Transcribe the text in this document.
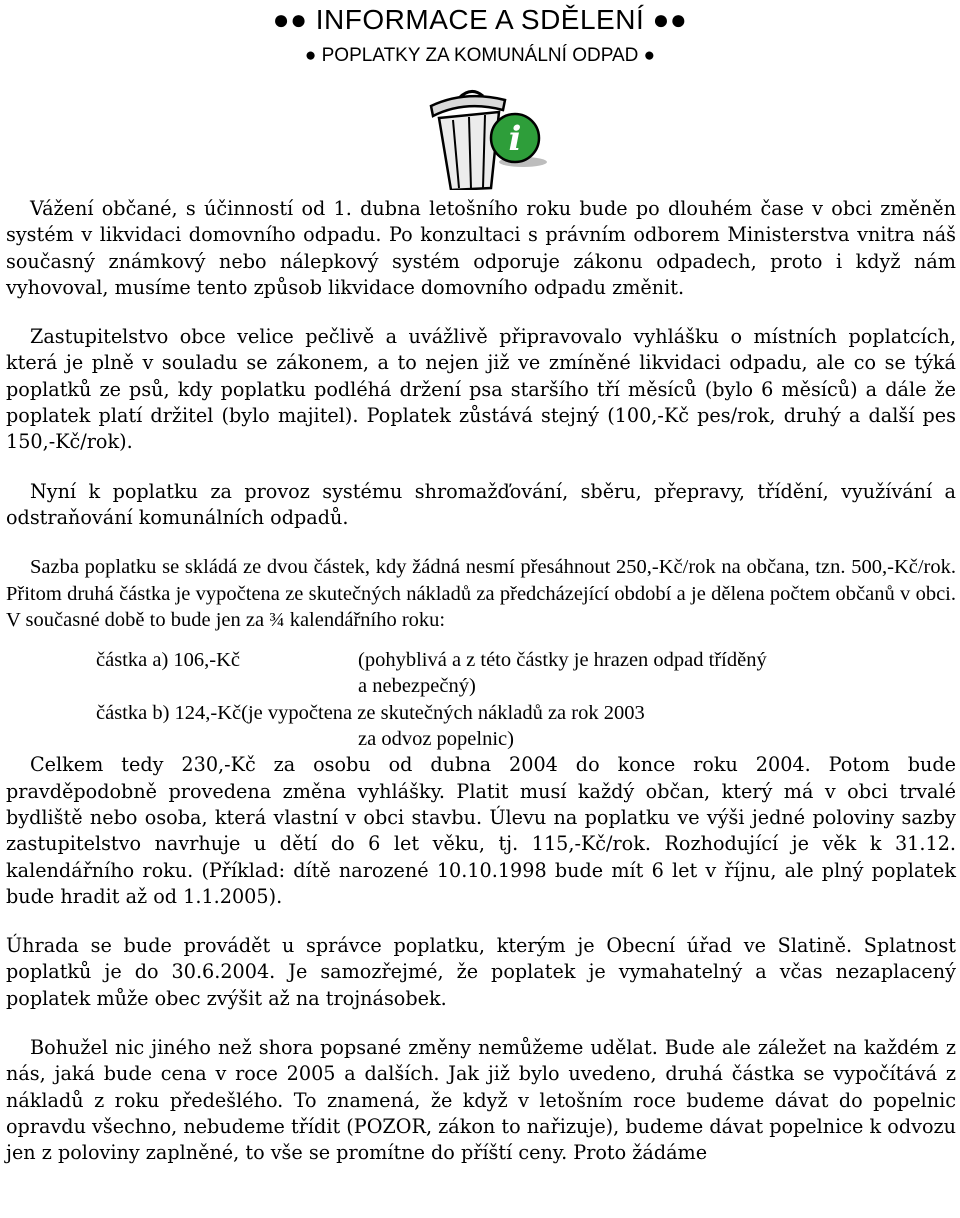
●● INFORMACE A SDĚLENÍ ●●
● POPLATKY ZA KOMUNÁLNÍ ODPAD ●
i

Vážení občané, s účinností od 1. dubna letošního roku bude po dlouhém čase v obci změněn systém v likvidaci domovního odpadu. Po konzultaci s právním odborem Ministerstva vnitra náš současný známkový nebo nálepkový systém odporuje zákonu odpadech, proto i když nám vyhovoval, musíme tento způsob likvidace domovního odpadu změnit.

Zastupitelstvo obce velice pečlivě a uvážlivě připravovalo vyhlášku o místních poplatcích, která je plně v souladu se zákonem, a to nejen již ve zmíněné likvidaci odpadu, ale co se týká poplatků ze psů, kdy poplatku podléhá držení psa staršího tří měsíců (bylo 6 měsíců) a dále že poplatek platí držitel (bylo majitel). Poplatek zůstává stejný (100,-Kč pes/rok, druhý a další pes 150,-Kč/rok).

Nyní k poplatku za provoz systému shromažďování, sběru, přepravy, třídění, využívání a odstraňování komunálních odpadů.

Sazba poplatku se skládá ze dvou částek, kdy žádná nesmí přesáhnout 250,-Kč/rok na občana, tzn. 500,-Kč/rok. Přitom druhá částka je vypočtena ze skutečných nákladů za předcházející období a je dělena počtem občanů v obci. V současné době to bude jen za ¾ kalendářního roku:

částka a) 106,-Kč	(pohyblivá a z této částky je hrazen odpad tříděný
a nebezpečný)
částka b) 124,-Kč (je vypočtena ze skutečných nákladů za rok 2003
za odvoz popelnic)

Celkem tedy 230,-Kč za osobu od dubna 2004 do konce roku 2004. Potom bude pravděpodobně provedena změna vyhlášky. Platit musí každý občan, který má v obci trvalé bydliště nebo osoba, která vlastní v obci stavbu. Úlevu na poplatku ve výši jedné poloviny sazby zastupitelstvo navrhuje u dětí do 6 let věku, tj. 115,-Kč/rok. Rozhodující je věk k 31.12. kalendářního roku. (Příklad: dítě narozené 10.10.1998 bude mít 6 let v říjnu, ale plný poplatek bude hradit až od 1.1.2005).

Úhrada se bude provádět u správce poplatku, kterým je Obecní úřad ve Slatině. Splatnost poplatků je do 30.6.2004. Je samozřejmé, že poplatek je vymahatelný a včas nezaplacený poplatek může obec zvýšit až na trojnásobek.

Bohužel nic jiného než shora popsané změny nemůžeme udělat. Bude ale záležet na každém z nás, jaká bude cena v roce 2005 a dalších. Jak již bylo uvedeno, druhá částka se vypočítává z nákladů z roku předešlého. To znamená, že když v letošním roce budeme dávat do popelnic opravdu všechno, nebudeme třídit (POZOR, zákon to nařizuje), budeme dávat popelnice k odvozu jen z poloviny zaplněné, to vše se promítne do příští ceny. Proto žádáme
